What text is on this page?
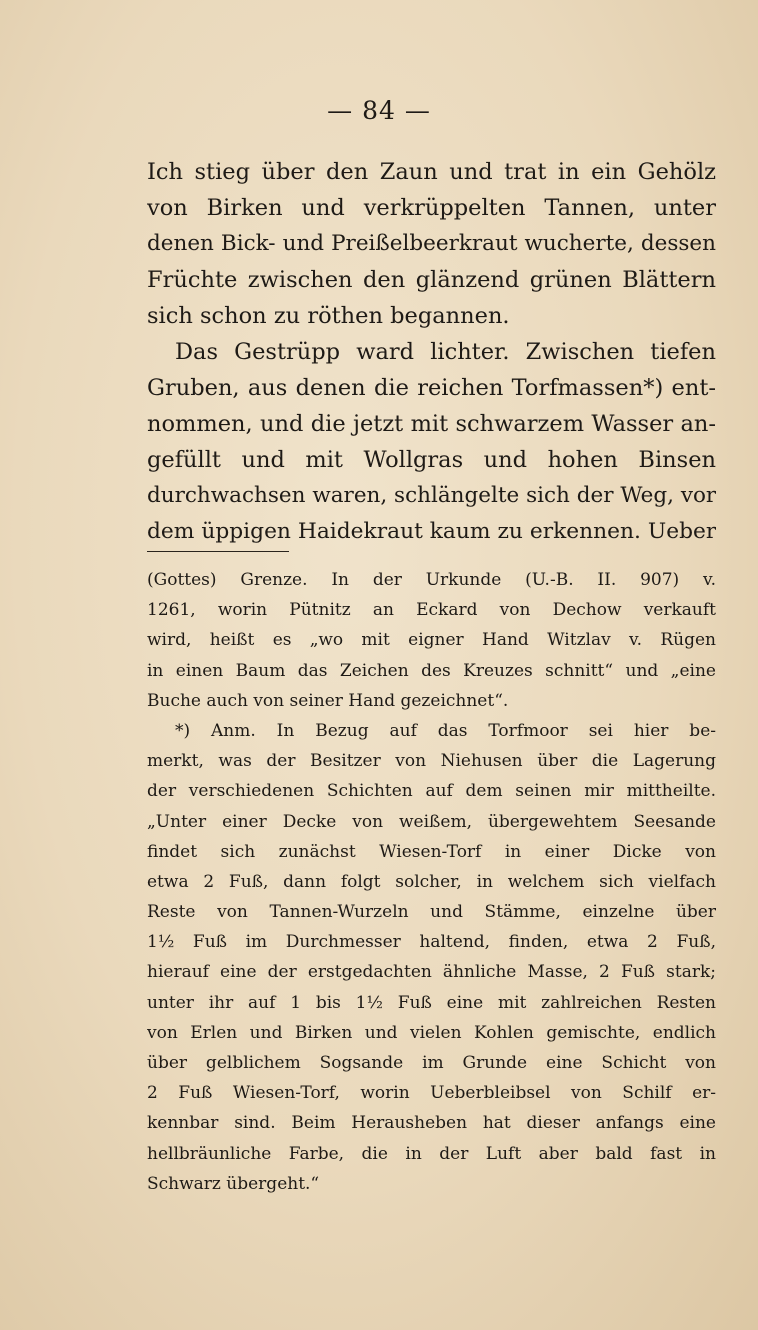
— 84 —
Ich stieg über den Zaun und trat in ein Gehölz
von Birken und verkrüppelten Tannen, unter
denen Bick- und Preißelbeerkraut wucherte, dessen
Früchte zwischen den glänzend grünen Blättern
sich schon zu röthen begannen.
Das Gestrüpp ward lichter. Zwischen tiefen
Gruben, aus denen die reichen Torfmassen*) ent-
nommen, und die jetzt mit schwarzem Wasser an-
gefüllt und mit Wollgras und hohen Binsen
durchwachsen waren, schlängelte sich der Weg, vor
dem üppigen Haidekraut kaum zu erkennen. Ueber
(Gottes) Grenze. In der Urkunde (U.-B. II. 907) v.
1261, worin Pütnitz an Eckard von Dechow verkauft
wird, heißt es „wo mit eigner Hand Witzlav v. Rügen
in einen Baum das Zeichen des Kreuzes schnitt“ und „eine
Buche auch von seiner Hand gezeichnet“.
*) Anm. In Bezug auf das Torfmoor sei hier be-
merkt, was der Besitzer von Niehusen über die Lagerung
der verschiedenen Schichten auf dem seinen mir mittheilte.
„Unter einer Decke von weißem, übergewehtem Seesande
findet sich zunächst Wiesen-Torf in einer Dicke von
etwa 2 Fuß, dann folgt solcher, in welchem sich vielfach
Reste von Tannen-Wurzeln und Stämme, einzelne über
1½ Fuß im Durchmesser haltend, finden, etwa 2 Fuß,
hierauf eine der erstgedachten ähnliche Masse, 2 Fuß stark;
unter ihr auf 1 bis 1½ Fuß eine mit zahlreichen Resten
von Erlen und Birken und vielen Kohlen gemischte, endlich
über gelblichem Sogsande im Grunde eine Schicht von
2 Fuß Wiesen-Torf, worin Ueberbleibsel von Schilf er-
kennbar sind. Beim Herausheben hat dieser anfangs eine
hellbräunliche Farbe, die in der Luft aber bald fast in
Schwarz übergeht.“
